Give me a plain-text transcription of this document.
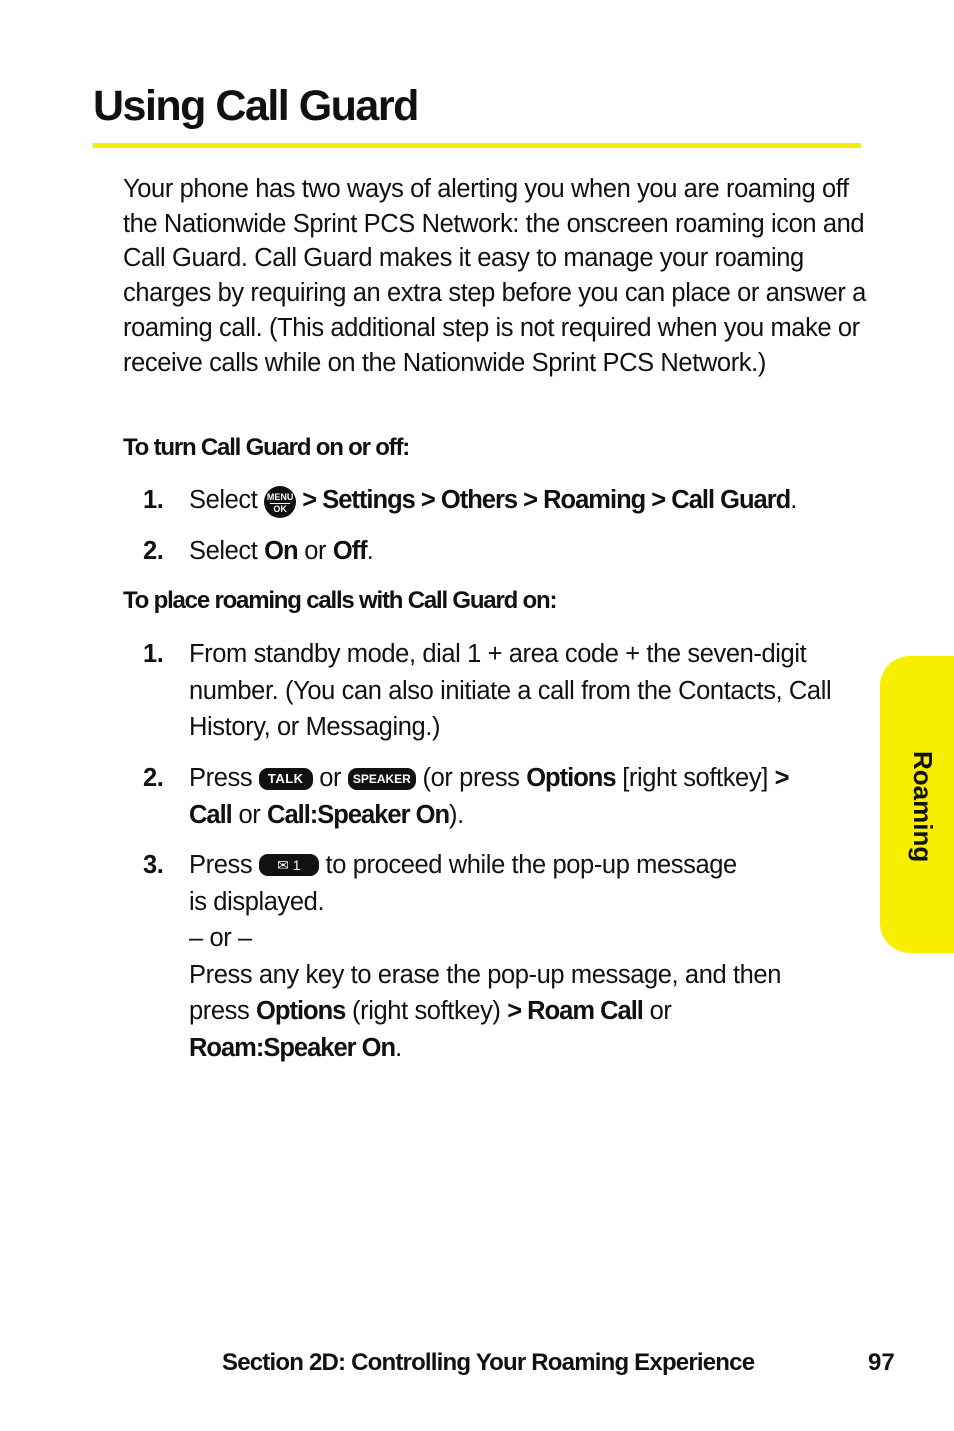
Using Call Guard

Your phone has two ways of alerting you when you are roaming off the Nationwide Sprint PCS Network: the onscreen roaming icon and Call Guard. Call Guard makes it easy to manage your roaming charges by requiring an extra step before you can place or answer a roaming call. (This additional step is not required when you make or receive calls while on the Nationwide Sprint PCS Network.)

To turn Call Guard on or off:

1.	Select MENU
OK > Settings > Others > Roaming > Call Guard.
2.	Select On or Off.

To place roaming calls with Call Guard on:

1.	From standby mode, dial 1 + area code + the seven-digit number. (You can also initiate a call from the Contacts, Call History, or Messaging.)
2.	Press TALK or SPEAKER (or press Options [right softkey] >
Call or Call:Speaker On).
3.	Press ✉ 1 to proceed while the pop-up message
is displayed.
– or –
Press any key to erase the pop-up message, and then press Options (right softkey) > Roam Call or
Roam:Speaker On.
Roaming

Section 2D: Controlling Your Roaming Experience	97
